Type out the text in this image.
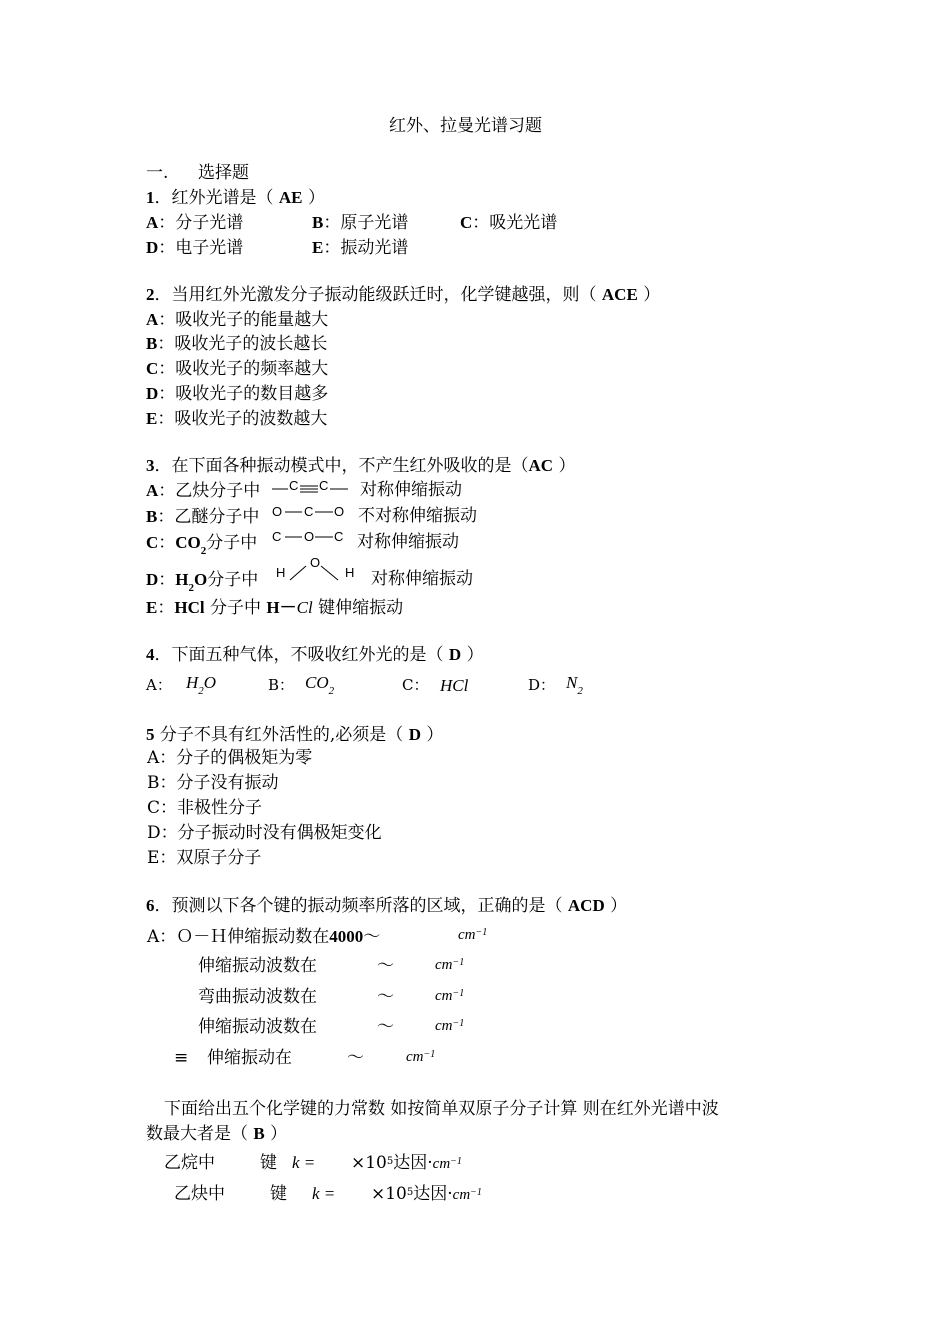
红外、拉曼光谱习题
一. 选择题
1．红外光谱是（ AE ）
A：分子光谱	B：原子光谱	C：吸光光谱
D：电子光谱	E：振动光谱
2．当用红外光激发分子振动能级跃迁时，化学键越强，则（ ACE ）
A：吸收光子的能量越大
B：吸收光子的波长越长
C：吸收光子的频率越大
D：吸收光子的数目越多
E：吸收光子的波数越大
3．在下面各种振动模式中，不产生红外吸收的是（AC ）
A：乙炔分子中 C C 对称伸缩振动
B：乙醚分子中 O C O 不对称伸缩振动
C：$CO_2$分子中 C O C 对称伸缩振动
D：$H_2O$分子中 H
O
H 对称伸缩振动
E：HCl 分子中 H－Cl 键伸缩振动
4．下面五种气体，不吸收红外光的是（ D ）
A： $H_2O$	B： $CO_2$	C： HCl	D： $N_2$
5 分子不具有红外活性的,必须是（ D ）
A：分子的偶极矩为零
B：分子没有振动
C：非极性分子
D：分子振动时没有偶极矩变化
E：双原子分子
6．预测以下各个键的振动频率所落的区域，正确的是（ ACD ）
A：Ｏ－Ｈ伸缩振动数在4000～	$cm^{-1}$
伸缩振动波数在	～	$cm^{-1}$
弯曲振动波数在	～	$cm^{-1}$
伸缩振动波数在	～	$cm^{-1}$
≡ 伸缩振动在	～	$cm^{-1}$
下面给出五个化学键的力常数 如按简单双原子分子计算 则在红外光谱中波
数最大者是（ B ）
乙烷中	键 $k = \times 10^5$达因$\cdot cm^{-1}$
乙炔中	键 $k = \times 10^5$达因$\cdot cm^{-1}$
